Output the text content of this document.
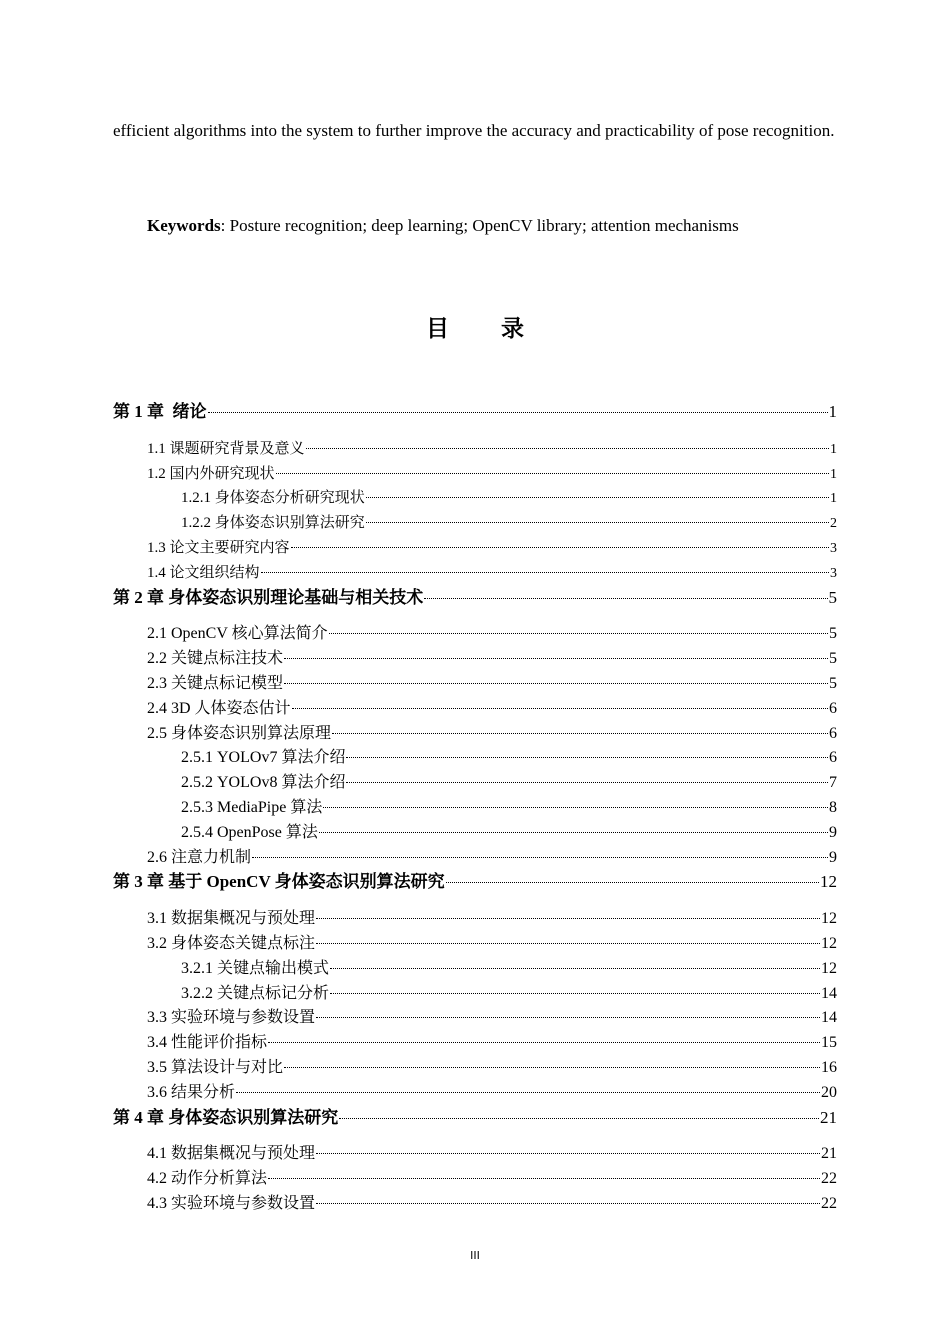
efficient algorithms into the system to further improve the accuracy and practicability of pose recognition.
Keywords: Posture recognition; deep learning; OpenCV library; attention mechanisms
目 录
第 1 章  绪论	1
1.1 课题研究背景及意义	1
1.2 国内外研究现状	1
1.2.1 身体姿态分析研究现状	1
1.2.2 身体姿态识别算法研究	2
1.3 论文主要研究内容	3
1.4 论文组织结构	3
第 2 章 身体姿态识别理论基础与相关技术	5
2.1 OpenCV 核心算法简介	5
2.2 关键点标注技术	5
2.3 关键点标记模型	5
2.4 3D 人体姿态估计	6
2.5 身体姿态识别算法原理	6
2.5.1 YOLOv7 算法介绍	6
2.5.2 YOLOv8 算法介绍	7
2.5.3 MediaPipe 算法	8
2.5.4 OpenPose 算法	9
2.6 注意力机制	9
第 3 章 基于 OpenCV 身体姿态识别算法研究	12
3.1 数据集概况与预处理	12
3.2 身体姿态关键点标注	12
3.2.1 关键点输出模式	12
3.2.2 关键点标记分析	14
3.3 实验环境与参数设置	14
3.4 性能评价指标	15
3.5 算法设计与对比	16
3.6 结果分析	20
第 4 章 身体姿态识别算法研究	21
4.1 数据集概况与预处理	21
4.2 动作分析算法	22
4.3 实验环境与参数设置	22
III
